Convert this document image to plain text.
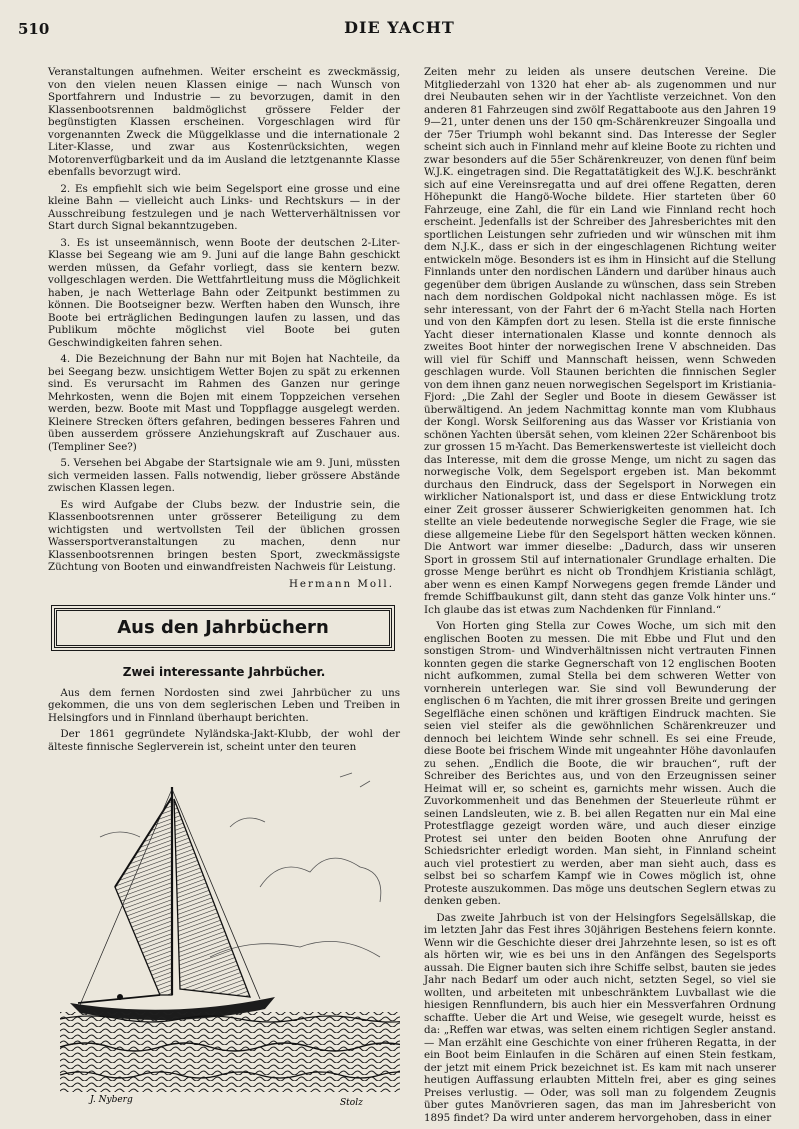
510	DIE YACHT

Veranstaltungen aufnehmen. Weiter erscheint es zweckmässig, von den vielen neuen Klassen einige — nach Wunsch von Sportfahrern und Industrie — zu bevorzugen, damit in den Klassenbootsrennen baldmöglichst grössere Felder der begünstigten Klassen erscheinen. Vorgeschlagen wird für vorgenannten Zweck die Müggelklasse und die internationale 2 Liter-Klasse, und zwar aus Kostenrücksichten, wegen Motorenverfügbarkeit und da im Ausland die letztgenannte Klasse ebenfalls bevorzugt wird.

2. Es empfiehlt sich wie beim Segelsport eine grosse und eine kleine Bahn — vielleicht auch Links- und Rechtskurs — in der Ausschreibung festzulegen und je nach Wetterverhältnissen vor Start durch Signal bekanntzugeben.

3. Es ist unseemännisch, wenn Boote der deutschen 2-Liter-Klasse bei Segeang wie am 9. Juni auf die lange Bahn geschickt werden müssen, da Gefahr vorliegt, dass sie kentern bezw. vollgeschlagen werden. Die Wettfahrtleitung muss die Möglichkeit haben, je nach Wetterlage Bahn oder Zeitpunkt bestimmen zu können. Die Bootseigner bezw. Werften haben den Wunsch, ihre Boote bei erträglichen Bedingungen laufen zu lassen, und das Publikum möchte möglichst viel Boote bei guten Geschwindigkeiten fahren sehen.

4. Die Bezeichnung der Bahn nur mit Bojen hat Nachteile, da bei Seegang bezw. unsichtigem Wetter Bojen zu spät zu erkennen sind. Es verursacht im Rahmen des Ganzen nur geringe Mehrkosten, wenn die Bojen mit einem Toppzeichen versehen werden, bezw. Boote mit Mast und Toppflagge ausgelegt werden. Kleinere Strecken öfters gefahren, bedingen besseres Fahren und üben ausserdem grössere Anziehungskraft auf Zuschauer aus. (Templiner See?)

5. Versehen bei Abgabe der Startsignale wie am 9. Juni, müssten sich vermeiden lassen. Falls notwendig, lieber grössere Abstände zwischen Klassen legen.

Es wird Aufgabe der Clubs bezw. der Industrie sein, die Klassenbootsrennen unter grösserer Beteiligung zu dem wichtigsten und wertvollsten Teil der üblichen grossen Wassersportveranstaltungen zu machen, denn nur Klassenbootsrennen bringen besten Sport, zweckmässigste Züchtung von Booten und einwandfreisten Nachweis für Leistung.

Hermann Moll.
Aus den Jahrbüchern
Zwei interessante Jahrbücher.

Aus dem fernen Nordosten sind zwei Jahrbücher zu uns gekommen, die uns von dem seglerischen Leben und Treiben in Helsingfors und in Finnland überhaupt berichten.

Der 1861 gegründete Nyländska-Jakt-Klubb, der wohl der älteste finnische Seglerverein ist, scheint unter den teuren

J. Nyberg	Stolz

Zeiten mehr zu leiden als unsere deutschen Vereine. Die Mitgliederzahl von 1320 hat eher ab- als zugenommen und nur drei Neubauten sehen wir in der Yachtliste verzeichnet. Von den anderen 81 Fahrzeugen sind zwölf Regattaboote aus den Jahren 19 9—21, unter denen uns der 150 qm-Schärenkreuzer Singoalla und der 75er Triumph wohl bekannt sind. Das Interesse der Segler scheint sich auch in Finnland mehr auf kleine Boote zu richten und zwar besonders auf die 55er Schärenkreuzer, von denen fünf beim W.J.K. eingetragen sind. Die Regattatätigkeit des W.J.K. beschränkt sich auf eine Vereinsregatta und auf drei offene Regatten, deren Höhepunkt die Hangö-Woche bildete. Hier starteten über 60 Fahrzeuge, eine Zahl, die für ein Land wie Finnland recht hoch erscheint. Jedenfalls ist der Schreiber des Jahresberichtes mit den sportlichen Leistungen sehr zufrieden und wir wünschen mit ihm dem N.J.K., dass er sich in der eingeschlagenen Richtung weiter entwickeln möge. Besonders ist es ihm in Hinsicht auf die Stellung Finnlands unter den nordischen Ländern und darüber hinaus auch gegenüber dem übrigen Auslande zu wünschen, dass sein Streben nach dem nordischen Goldpokal nicht nachlassen möge. Es ist sehr interessant, von der Fahrt der 6 m-Yacht Stella nach Horten und von den Kämpfen dort zu lesen. Stella ist die erste finnische Yacht dieser internationalen Klasse und konnte dennoch als zweites Boot hinter der norwegischen Irene V abschneiden. Das will viel für Schiff und Mannschaft heissen, wenn Schweden geschlagen wurde. Voll Staunen berichten die finnischen Segler von dem ihnen ganz neuen norwegischen Segelsport im Kristiania-Fjord: „Die Zahl der Segler und Boote in diesem Gewässer ist überwältigend. An jedem Nachmittag konnte man vom Klubhaus der Kongl. Worsk Seilforening aus das Wasser vor Kristiania von schönen Yachten übersät sehen, vom kleinen 22er Schärenboot bis zur grossen 15 m-Yacht. Das Bemerkenswerteste ist vielleicht doch das Interesse, mit dem die grosse Menge, um nicht zu sagen das norwegische Volk, dem Segelsport ergeben ist. Man bekommt durchaus den Eindruck, dass der Segelsport in Norwegen ein wirklicher Nationalsport ist, und dass er diese Entwicklung trotz einer Zeit grosser äusserer Schwierigkeiten genommen hat. Ich stellte an viele bedeutende norwegische Segler die Frage, wie sie diese allgemeine Liebe für den Segelsport hätten wecken können. Die Antwort war immer dieselbe: „Dadurch, dass wir unseren Sport in grossem Stil auf internationaler Grundlage erhalten. Die grosse Menge berührt es nicht ob Trondhjem Kristiania schlägt, aber wenn es einen Kampf Norwegens gegen fremde Länder und fremde Schiffbaukunst gilt, dann steht das ganze Volk hinter uns.“ Ich glaube das ist etwas zum Nachdenken für Finnland.“

Von Horten ging Stella zur Cowes Woche, um sich mit den englischen Booten zu messen. Die mit Ebbe und Flut und den sonstigen Strom- und Windverhältnissen nicht vertrauten Finnen konnten gegen die starke Gegnerschaft von 12 englischen Booten nicht aufkommen, zumal Stella bei dem schweren Wetter von vornherein unterlegen war. Sie sind voll Bewunderung der englischen 6 m Yachten, die mit ihrer grossen Breite und geringen Segelfläche einen schönen und kräftigen Eindruck machten. Sie seien viel steifer als die gewöhnlichen Schärenkreuzer und dennoch bei leichtem Winde sehr schnell. Es sei eine Freude, diese Boote bei frischem Winde mit ungeahnter Höhe davonlaufen zu sehen. „Endlich die Boote, die wir brauchen“, ruft der Schreiber des Berichtes aus, und von den Erzeugnissen seiner Heimat will er, so scheint es, garnichts mehr wissen. Auch die Zuvorkommenheit und das Benehmen der Steuerleute rühmt er seinen Landsleuten, wie z. B. bei allen Regatten nur ein Mal eine Protestflagge gezeigt worden wäre, und auch dieser einzige Protest sei unter den beiden Booten ohne Anrufung der Schiedsrichter erledigt worden. Man sieht, in Finnland scheint auch viel protestiert zu werden, aber man sieht auch, dass es selbst bei so scharfem Kampf wie in Cowes möglich ist, ohne Proteste auszukommen. Das möge uns deutschen Seglern etwas zu denken geben.

Das zweite Jahrbuch ist von der Helsingfors Segelsällskap, die im letzten Jahr das Fest ihres 30jährigen Bestehens feiern konnte. Wenn wir die Geschichte dieser drei Jahrzehnte lesen, so ist es oft als hörten wir, wie es bei uns in den Anfängen des Segelsports aussah. Die Eigner bauten sich ihre Schiffe selbst, bauten sie jedes Jahr nach Bedarf um oder auch nicht, setzten Segel, so viel sie wollten, und arbeiteten mit unbeschränktem Luvballast wie die hiesigen Rennflundern, bis auch hier ein Messverfahren Ordnung schaffte. Ueber die Art und Weise, wie gesegelt wurde, heisst es da: „Reffen war etwas, was selten einem richtigen Segler anstand. — Man erzählt eine Geschichte von einer früheren Regatta, in der ein Boot beim Einlaufen in die Schären auf einen Stein festkam, der jetzt mit einem Prick bezeichnet ist. Es kam mit nach unserer heutigen Auffassung erlaubten Mitteln frei, aber es ging seines Preises verlustig. — Oder, was soll man zu folgendem Zeugnis über gutes Manövrieren sagen, das man im Jahresbericht von 1895 findet? Da wird unter anderem hervorgehoben, dass in einer
